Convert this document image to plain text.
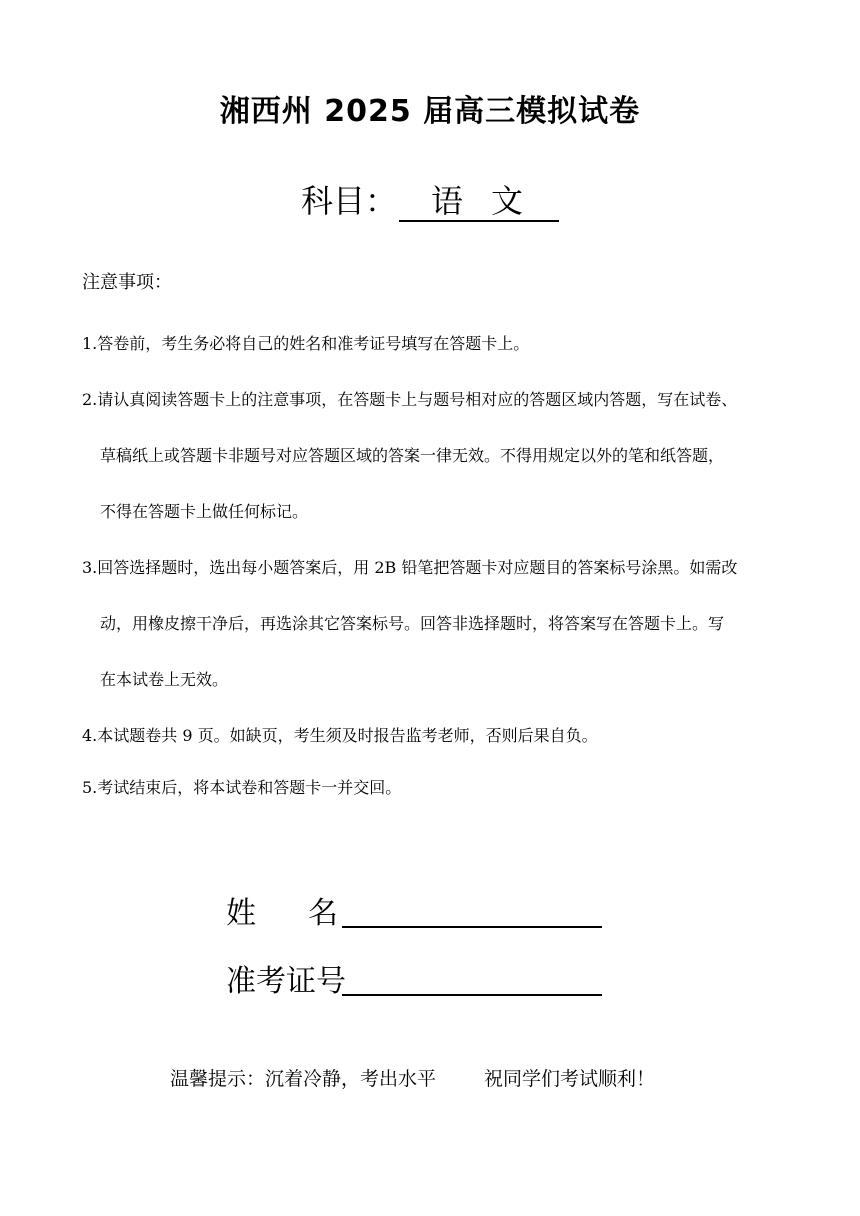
湘西州 2025 届高三模拟试卷
科目： 语文
注意事项：
1.答卷前，考生务必将自己的姓名和准考证号填写在答题卡上。
2.请认真阅读答题卡上的注意事项，在答题卡上与题号相对应的答题区域内答题，写在试卷、
草稿纸上或答题卡非题号对应答题区域的答案一律无效。不得用规定以外的笔和纸答题，
不得在答题卡上做任何标记。
3.回答选择题时，选出每小题答案后，用 2B 铅笔把答题卡对应题目的答案标号涂黑。如需改
动，用橡皮擦干净后，再选涂其它答案标号。回答非选择题时，将答案写在答题卡上。写
在本试卷上无效。
4.本试题卷共 9 页。如缺页，考生须及时报告监考老师，否则后果自负。
5.考试结束后，将本试卷和答题卡一并交回。
姓名
准考证号
温馨提示：沉着冷静，考出水平	祝同学们考试顺利！
